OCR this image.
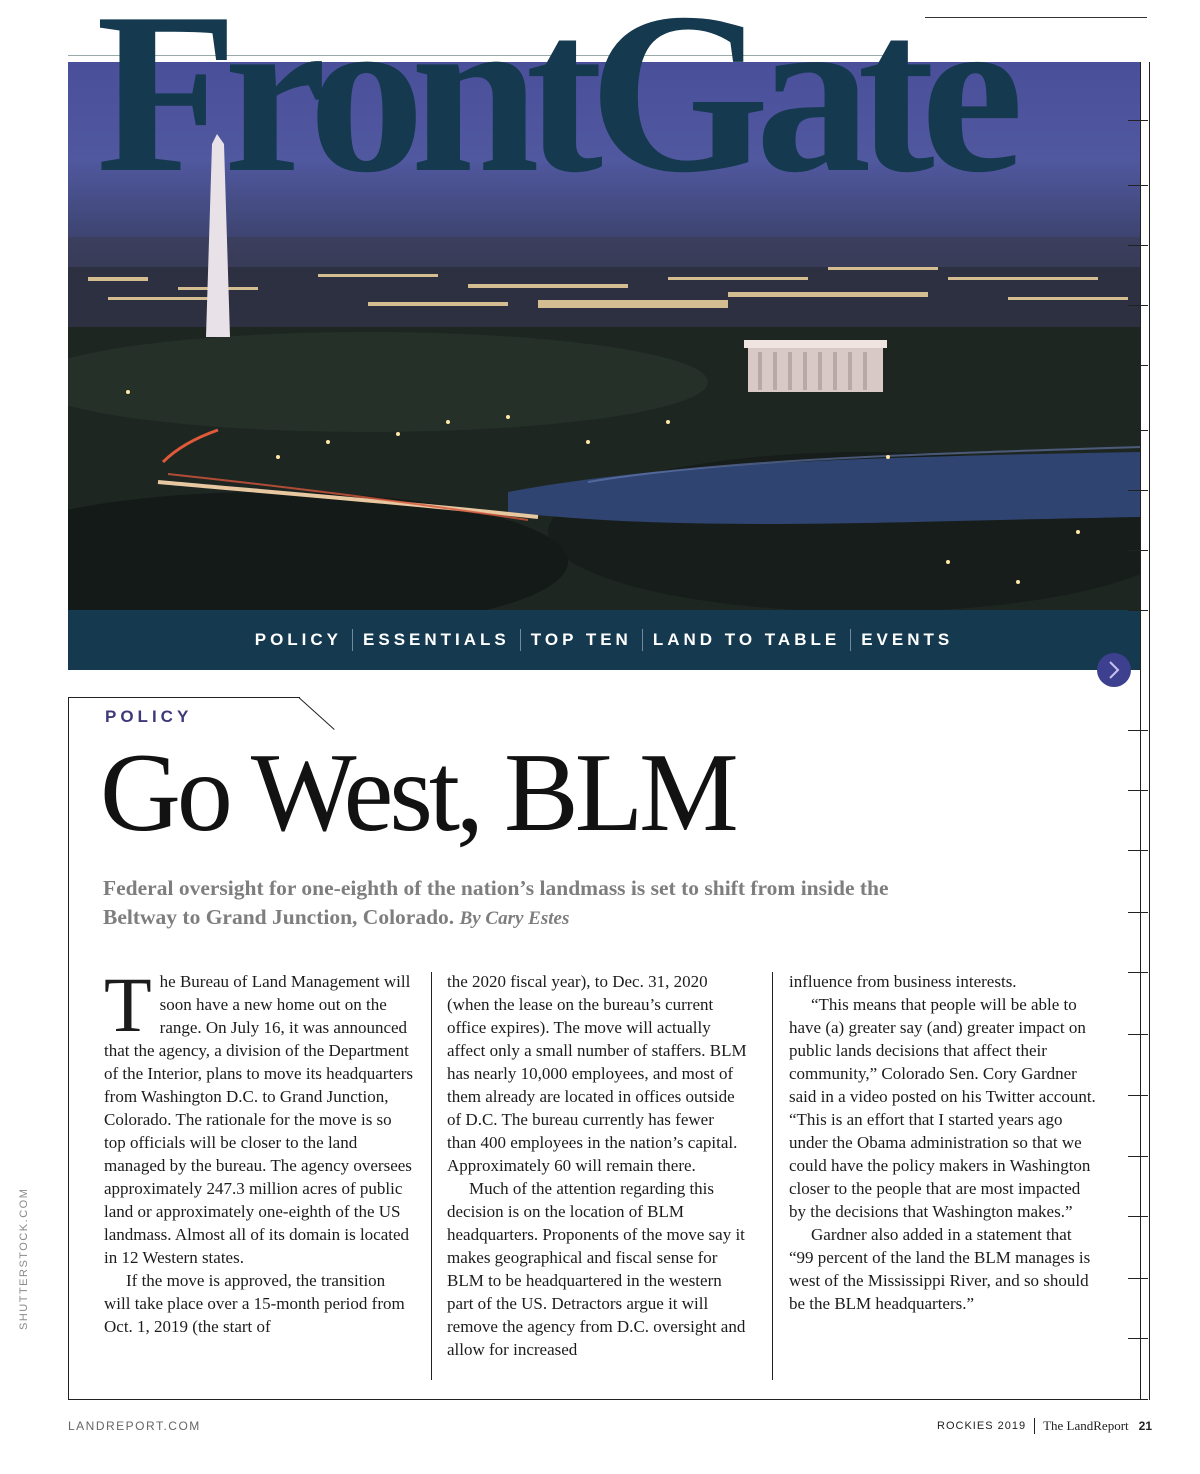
FrontGate
POLICY	ESSENTIALS	TOP TEN	LAND TO TABLE	EVENTS
POLICY
Go West, BLM
Federal oversight for one-eighth of the nation’s landmass is set to shift from inside the Beltway to Grand Junction, Colorado. By Cary Estes

The Bureau of Land Management will soon have a new home out on the range. On July 16, it was announced that the agency, a division of the Department of the Interior, plans to move its headquarters from Washington D.C. to Grand Junction, Colorado. The rationale for the move is so top officials will be closer to the land managed by the bureau. The agency oversees approximately 247.3 million acres of public land or approximately one-eighth of the US landmass. Almost all of its domain is located in 12 Western states.

If the move is approved, the transition will take place over a 15-month period from Oct. 1, 2019 (the start of

the 2020 fiscal year), to Dec. 31, 2020 (when the lease on the bureau’s current office expires). The move will actually affect only a small number of staffers. BLM has nearly 10,000 employees, and most of them already are located in offices outside of D.C. The bureau currently has fewer than 400 employees in the nation’s capital. Approximately 60 will remain there.

Much of the attention regarding this decision is on the location of BLM headquarters. Proponents of the move say it makes geographical and fiscal sense for BLM to be headquartered in the western part of the US. Detractors argue it will remove the agency from D.C. oversight and allow for increased

influence from business interests.

“This means that people will be able to have (a) greater say (and) greater impact on public lands decisions that affect their community,” Colorado Sen. Cory Gardner said in a video posted on his Twitter account. “This is an effort that I started years ago under the Obama administration so that we could have the policy makers in Washington closer to the people that are most impacted by the decisions that Washington makes.”

Gardner also added in a statement that “99 percent of the land the BLM manages is west of the Mississippi River, and so should be the BLM headquarters.”

SHUTTERSTOCK.COM
LANDREPORT.COM	ROCKIES 2019 The LandReport 21
